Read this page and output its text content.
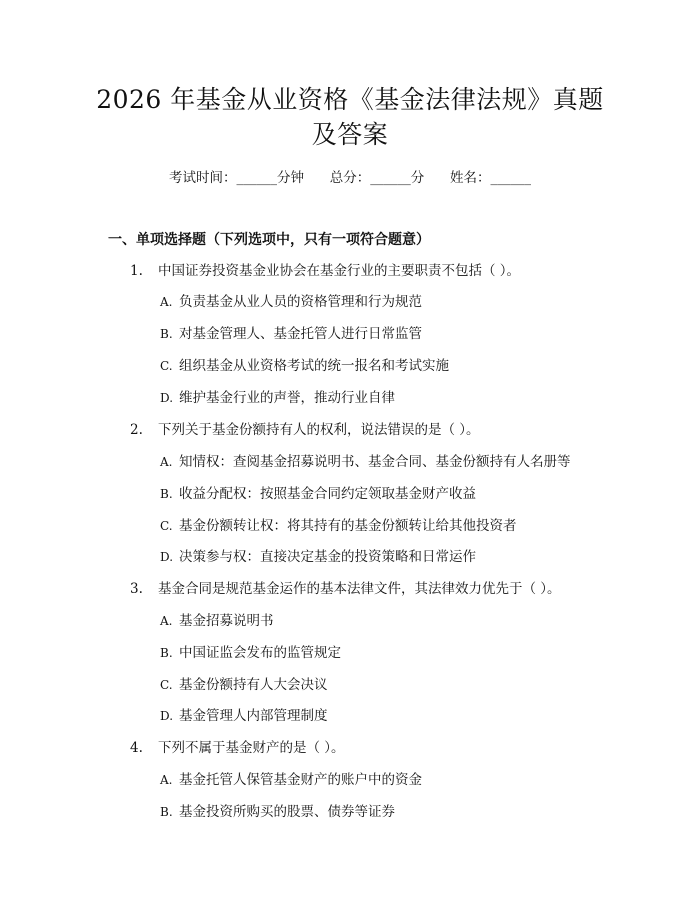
2026 年基金从业资格《基金法律法规》真题
及答案
考试时间：______分钟      总分：______分      姓名：______
一、单项选择题（下列选项中，只有一项符合题意）
1. 中国证券投资基金业协会在基金行业的主要职责不包括（ ）。
A. 负责基金从业人员的资格管理和行为规范
B. 对基金管理人、基金托管人进行日常监管
C. 组织基金从业资格考试的统一报名和考试实施
D. 维护基金行业的声誉，推动行业自律
2. 下列关于基金份额持有人的权利，说法错误的是（ ）。
A. 知情权：查阅基金招募说明书、基金合同、基金份额持有人名册等
B. 收益分配权：按照基金合同约定领取基金财产收益
C. 基金份额转让权：将其持有的基金份额转让给其他投资者
D. 决策参与权：直接决定基金的投资策略和日常运作
3. 基金合同是规范基金运作的基本法律文件，其法律效力优先于（ ）。
A. 基金招募说明书
B. 中国证监会发布的监管规定
C. 基金份额持有人大会决议
D. 基金管理人内部管理制度
4. 下列不属于基金财产的是（ ）。
A. 基金托管人保管基金财产的账户中的资金
B. 基金投资所购买的股票、债券等证券
